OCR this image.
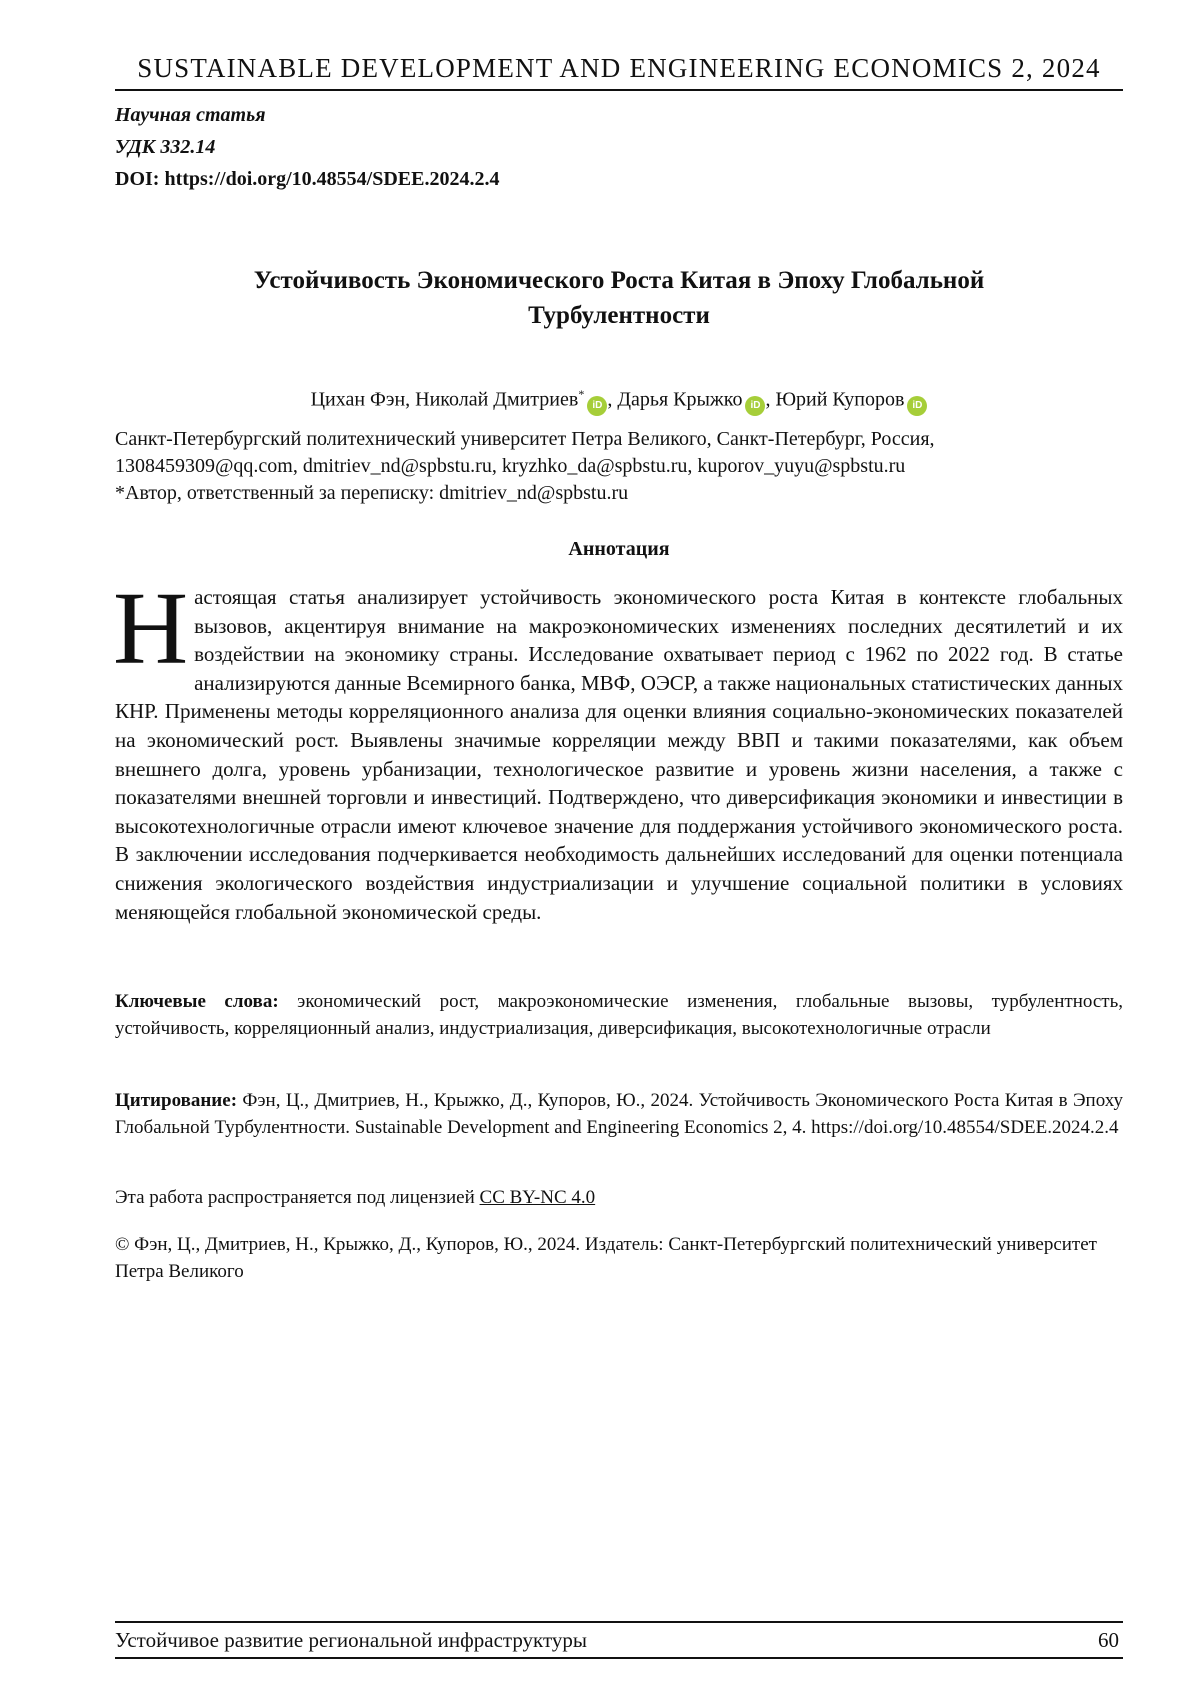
SUSTAINABLE DEVELOPMENT AND ENGINEERING ECONOMICS 2, 2024
Научная статья
УДК 332.14
DOI: https://doi.org/10.48554/SDEE.2024.2.4
Устойчивость Экономического Роста Китая в Эпоху Глобальной
Турбулентности
Цихан Фэн, Николай Дмитриев*iD , Дарья Крыжко iD , Юрий Купоров iD
Санкт-Петербургский политехнический университет Петра Великого, Санкт-Петербург, Россия,
1308459309@qq.com, dmitriev_nd@spbstu.ru, kryzhko_da@spbstu.ru, kuporov_yuyu@spbstu.ru
*Автор, ответственный за переписку: dmitriev_nd@spbstu.ru
Аннотация
Настоящая статья анализирует устойчивость экономического роста Китая в контексте глобальных вызовов, акцентируя внимание на макроэкономических изменениях последних десятилетий и их воздействии на экономику страны. Исследование охватывает период с 1962 по 2022 год. В статье анализируются данные Всемирного банка, МВФ, ОЭСР, а также национальных статистических данных КНР. Применены методы корреляционного анализа для оценки влияния социально-экономических показателей на экономический рост. Выявлены значимые корреляции между ВВП и такими показателями, как объем внешнего долга, уровень урбанизации, технологическое развитие и уровень жизни населения, а также с показателями внешней торговли и инвестиций. Подтверждено, что диверсификация экономики и инвестиции в высокотехнологичные отрасли имеют ключевое значение для поддержания устойчивого экономического роста. В заключении исследования подчеркивается необходимость дальнейших исследований для оценки потенциала снижения экологического воздействия индустриализации и улучшение социальной политики в условиях меняющейся глобальной экономической среды.
Ключевые слова: экономический рост, макроэкономические изменения, глобальные вызовы, турбулентность, устойчивость, корреляционный анализ, индустриализация, диверсификация, высокотехнологичные отрасли
Цитирование: Фэн, Ц., Дмитриев, Н., Крыжко, Д., Купоров, Ю., 2024. Устойчивость Экономического Роста Китая в Эпоху Глобальной Турбулентности. Sustainable Development and Engineering Economics 2, 4. https://doi.org/10.48554/SDEE.2024.2.4
Эта работа распространяется под лицензией CC BY-NC 4.0
© Фэн, Ц., Дмитриев, Н., Крыжко, Д., Купоров, Ю., 2024. Издатель: Санкт-Петербургский политехнический университет Петра Великого
Устойчивое развитие региональной инфраструктуры	60
